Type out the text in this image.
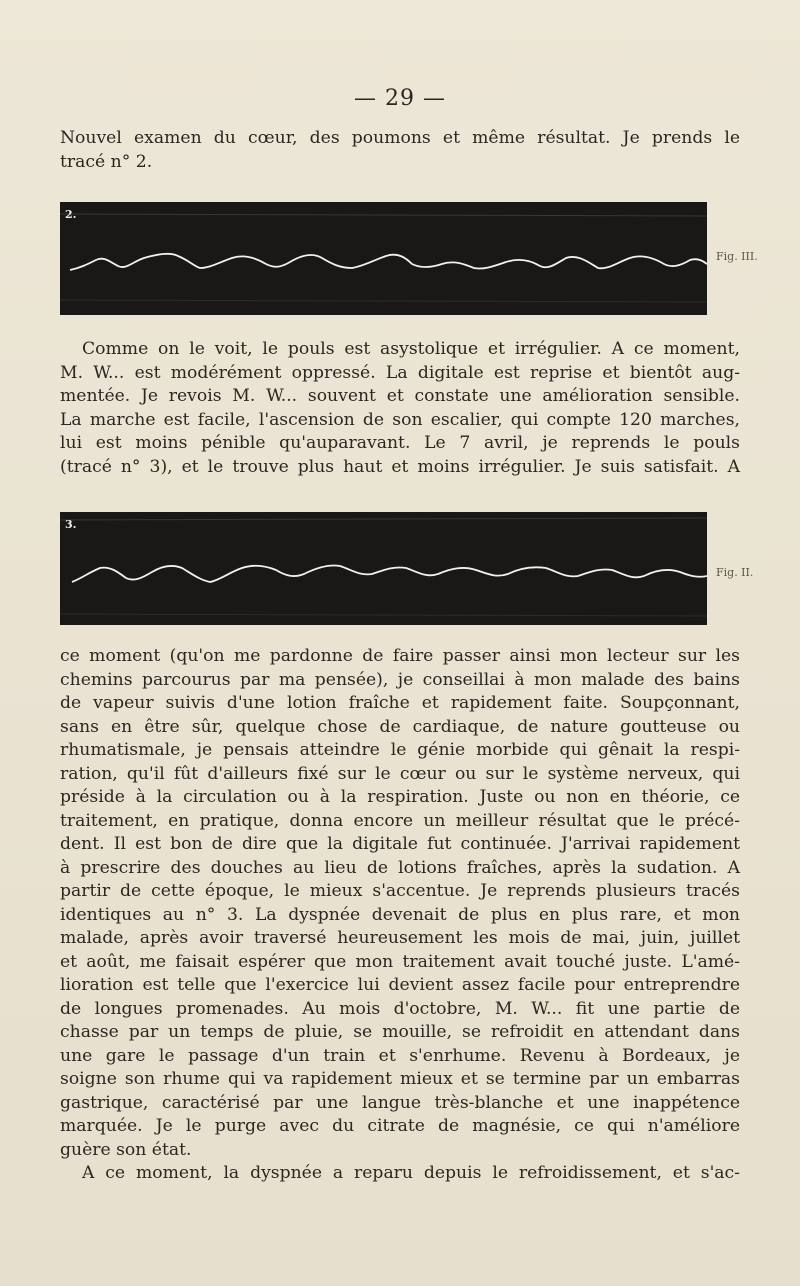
— 29 —

Nouvel examen du cœur, des poumons et même résultat. Je prends le
tracé n° 2.

2.
Fig. III.

Comme on le voit, le pouls est asystolique et irrégulier. A ce moment,
M. W... est modérément oppressé. La digitale est reprise et bientôt aug-
mentée. Je revois M. W... souvent et constate une amélioration sensible.
La marche est facile, l'ascension de son escalier, qui compte 120 marches,
lui est moins pénible qu'auparavant. Le 7 avril, je reprends le pouls
(tracé n° 3), et le trouve plus haut et moins irrégulier. Je suis satisfait. A

3.
Fig. II.

ce moment (qu'on me pardonne de faire passer ainsi mon lecteur sur les
chemins parcourus par ma pensée), je conseillai à mon malade des bains
de vapeur suivis d'une lotion fraîche et rapidement faite. Soupçonnant,
sans en être sûr, quelque chose de cardiaque, de nature goutteuse ou
rhumatismale, je pensais atteindre le génie morbide qui gênait la respi-
ration, qu'il fût d'ailleurs fixé sur le cœur ou sur le système nerveux, qui
préside à la circulation ou à la respiration. Juste ou non en théorie, ce
traitement, en pratique, donna encore un meilleur résultat que le précé-
dent. Il est bon de dire que la digitale fut continuée. J'arrivai rapidement
à prescrire des douches au lieu de lotions fraîches, après la sudation. A
partir de cette époque, le mieux s'accentue. Je reprends plusieurs tracés
identiques au n° 3. La dyspnée devenait de plus en plus rare, et mon
malade, après avoir traversé heureusement les mois de mai, juin, juillet
et août, me faisait espérer que mon traitement avait touché juste. L'amé-
lioration est telle que l'exercice lui devient assez facile pour entreprendre
de longues promenades. Au mois d'octobre, M. W... fit une partie de
chasse par un temps de pluie, se mouille, se refroidit en attendant dans
une gare le passage d'un train et s'enrhume. Revenu à Bordeaux, je
soigne son rhume qui va rapidement mieux et se termine par un embarras
gastrique, caractérisé par une langue très-blanche et une inappétence
marquée. Je le purge avec du citrate de magnésie, ce qui n'améliore
guère son état.
A ce moment, la dyspnée a reparu depuis le refroidissement, et s'ac-
